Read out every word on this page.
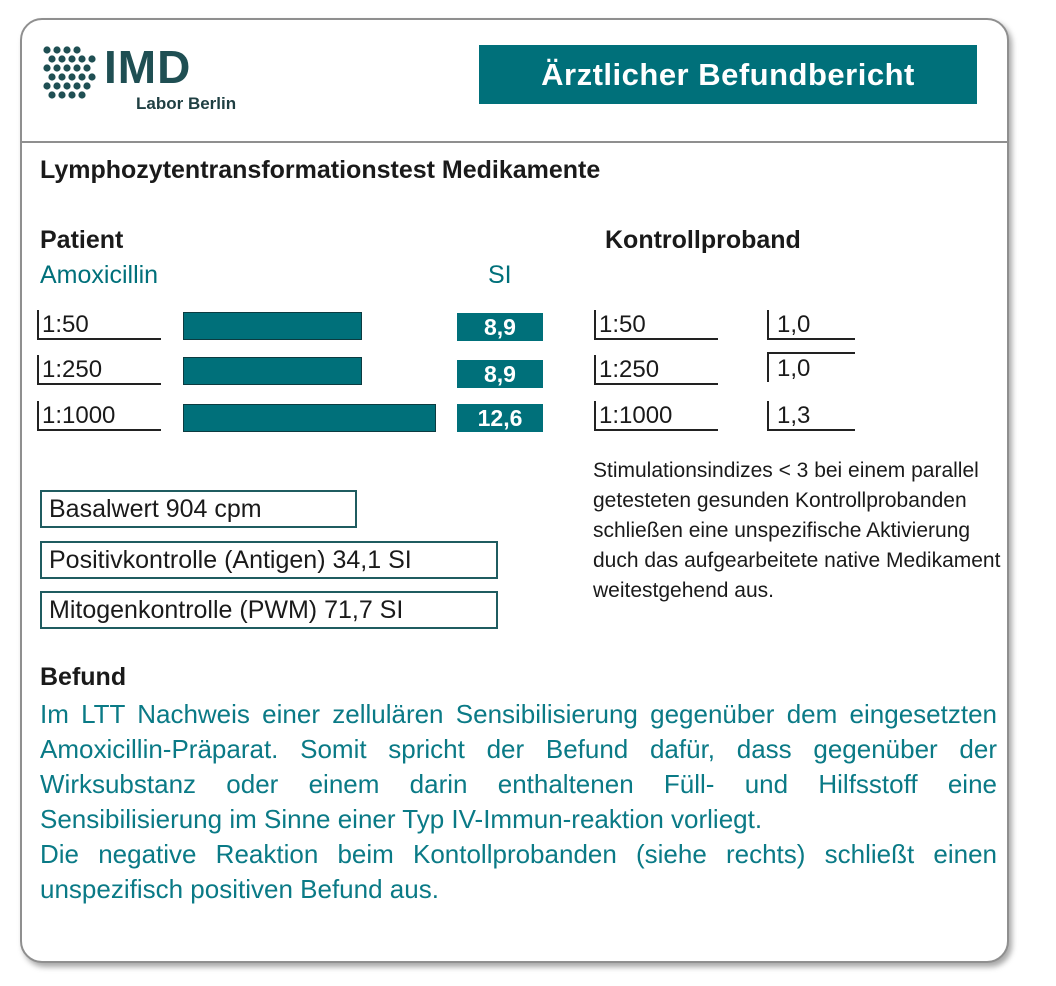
IMD
Labor Berlin
Ärztlicher Befundbericht
Lymphozytentransformationstest Medikamente
Patient
Amoxicillin	SI
1:50
1:250
1:1000
8,9
8,9
12,6
Kontrollproband
1:50
1:250
1:1000
1,0
1,0
1,3
Stimulationsindizes < 3 bei einem parallel getesteten gesunden Kontrollprobanden schließen eine unspezifische Aktivierung duch das aufgearbeitete native Medikament weitestgehend aus.
Basalwert 904 cpm
Positivkontrolle (Antigen) 34,1 SI
Mitogenkontrolle (PWM) 71,7 SI
Befund

Im LTT Nachweis einer zellulären Sensibilisierung gegenüber dem eingesetzten Amoxicillin-Präparat. Somit spricht der Befund dafür, dass gegenüber der Wirksubstanz oder einem darin enthaltenen Füll- und Hilfsstoff eine Sensibilisierung im Sinne einer Typ IV-Immun-reaktion vorliegt.

Die negative Reaktion beim Kontollprobanden (siehe rechts) schließt einen unspezifisch positiven Befund aus.
